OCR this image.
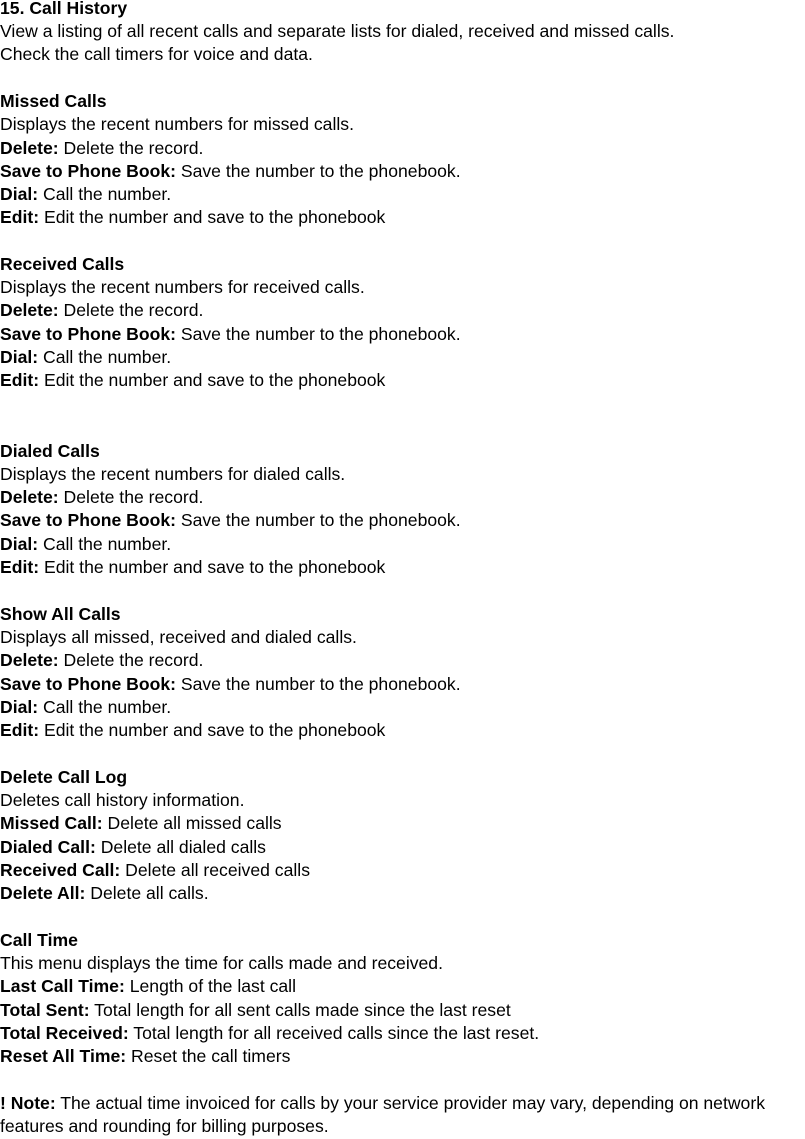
15. Call History
View a listing of all recent calls and separate lists for dialed, received and missed calls.
Check the call timers for voice and data.
Missed Calls
Displays the recent numbers for missed calls.
Delete: Delete the record.
Save to Phone Book: Save the number to the phonebook.
Dial: Call the number.
Edit: Edit the number and save to the phonebook
Received Calls
Displays the recent numbers for received calls.
Delete: Delete the record.
Save to Phone Book: Save the number to the phonebook.
Dial: Call the number.
Edit: Edit the number and save to the phonebook
Dialed Calls
Displays the recent numbers for dialed calls.
Delete: Delete the record.
Save to Phone Book: Save the number to the phonebook.
Dial: Call the number.
Edit: Edit the number and save to the phonebook
Show All Calls
Displays all missed, received and dialed calls.
Delete: Delete the record.
Save to Phone Book: Save the number to the phonebook.
Dial: Call the number.
Edit: Edit the number and save to the phonebook
Delete Call Log
Deletes call history information.
Missed Call: Delete all missed calls
Dialed Call: Delete all dialed calls
Received Call: Delete all received calls
Delete All: Delete all calls.
Call Time
This menu displays the time for calls made and received.
Last Call Time: Length of the last call
Total Sent: Total length for all sent calls made since the last reset
Total Received: Total length for all received calls since the last reset.
Reset All Time: Reset the call timers
! Note: The actual time invoiced for calls by your service provider may vary, depending on network features and rounding for billing purposes.
